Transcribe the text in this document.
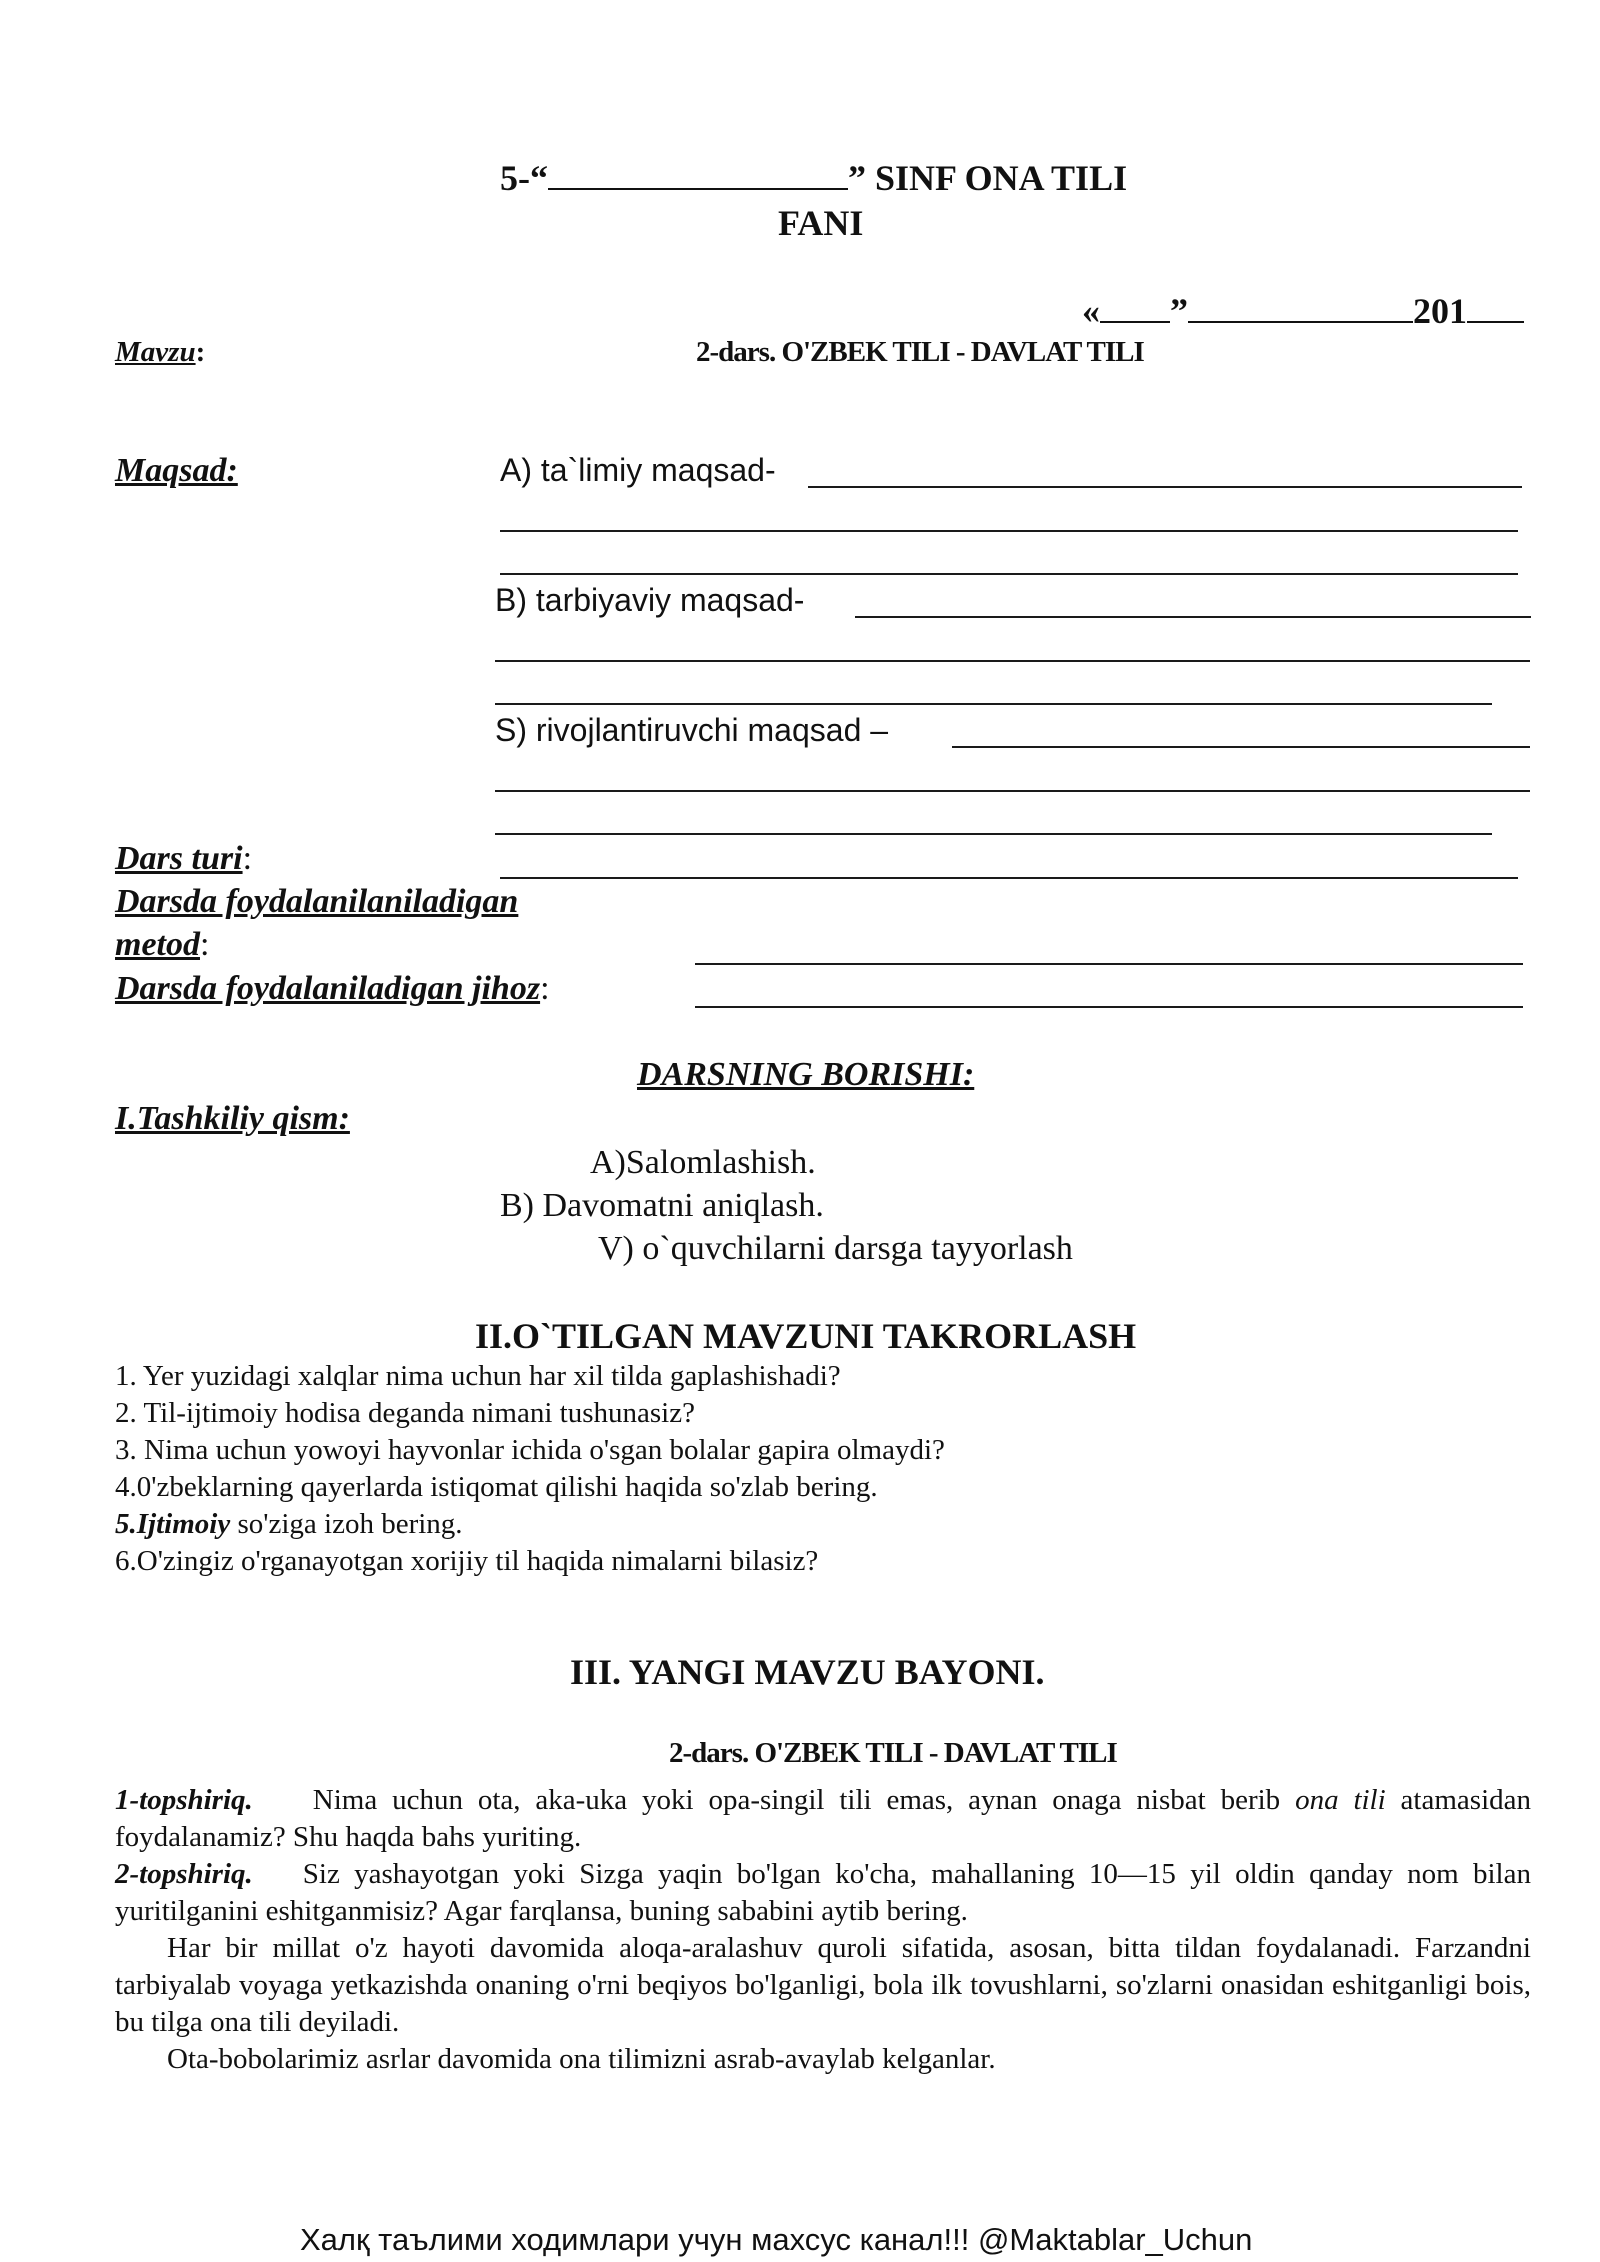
5-“	” SINF ONA TILI
FANI
« ”	201
Mavzu:	2-dars. O'ZBEK TILI - DAVLAT TILI
Maqsad:	A) ta`limiy maqsad-
B) tarbiyaviy maqsad-
S) rivojlantiruvchi maqsad –
Dars turi:
Darsda foydalanilaniladigan
metod:
Darsda foydalaniladigan jihoz:
DARSNING BORISHI:
I.Tashkiliy qism:
A)Salomlashish.
B) Davomatni aniqlash.
V) o`quvchilarni darsga tayyorlash
II.O`TILGAN MAVZUNI TAKRORLASH
1. Yer yuzidagi xalqlar nima uchun har xil tilda gaplashishadi?
2. Til-ijtimoiy hodisa deganda nimani tushunasiz?
3. Nima uchun yowoyi hayvonlar ichida o'sgan bolalar gapira olmaydi?
4.0'zbeklarning qayerlarda istiqomat qilishi haqida so'zlab bering.
5.Ijtimoiy so'ziga izoh bering.
6.O'zingiz o'rganayotgan xorijiy til haqida nimalarni bilasiz?
III. YANGI MAVZU BAYONI.
2-dars. O'ZBEK TILI - DAVLAT TILI
1-topshiriq. Nima uchun ota, aka-uka yoki opa-singil tili emas, aynan onaga nisbat berib ona tili atamasidan foydalanamiz? Shu haqda bahs yuriting.
2-topshiriq. Siz yashayotgan yoki Sizga yaqin bo'lgan ko'cha, mahallaning 10—15 yil oldin qanday nom bilan yuritilganini eshitganmisiz? Agar farqlansa, buning sababini aytib bering.
Har bir millat o'z hayoti davomida aloqa-aralashuv quroli sifatida, asosan, bitta tildan foydalanadi. Farzandni tarbiyalab voyaga yetkazishda onaning o'rni beqiyos bo'lganligi, bola ilk tovushlarni, so'zlarni onasidan eshitganligi bois, bu tilga ona tili deyiladi.
Ota-bobolarimiz asrlar davomida ona tilimizni asrab-avaylab kelganlar.
Халқ таълими ходимлари учун махсус канал!!! @Maktablar_Uchun
